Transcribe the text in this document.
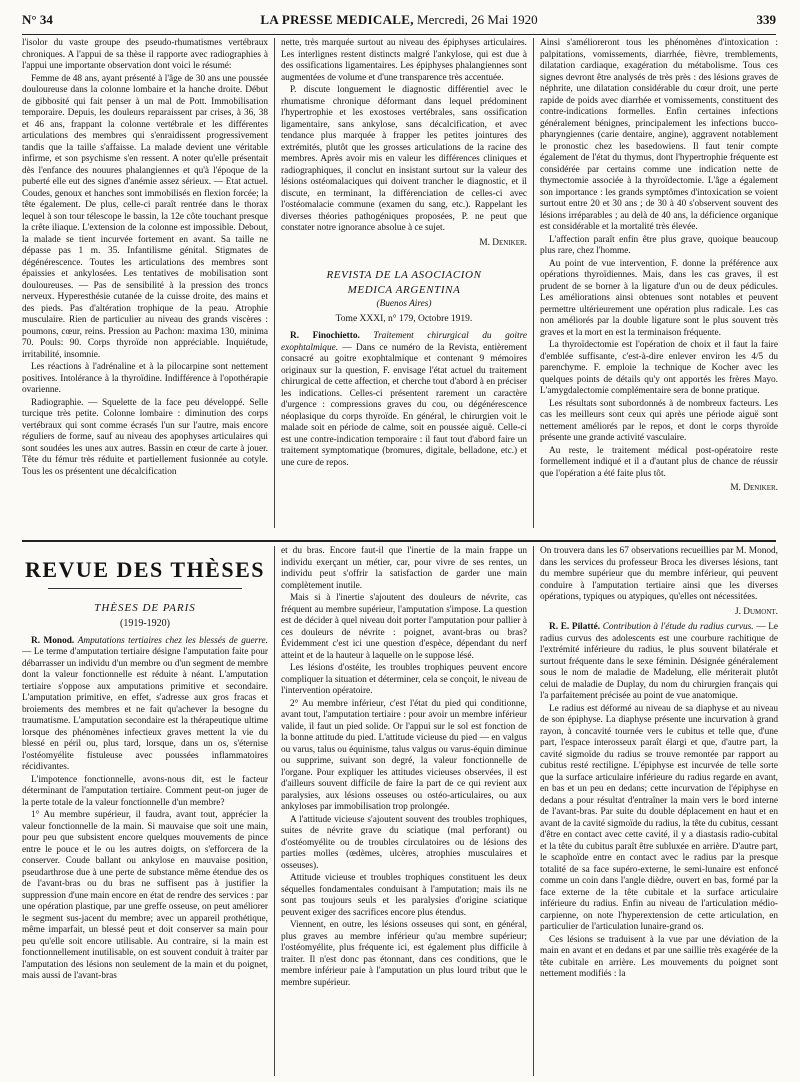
N° 34	LA PRESSE MEDICALE, Mercredi, 26 Mai 1920	339

l'isolor du vaste groupe des pseudo-rhumatismes vertébraux chroniques. A l'appui de sa thèse il rapporte avec radiographies à l'appui une importante observation dont voici le résumé:

Femme de 48 ans, ayant présenté à l'âge de 30 ans une poussée douloureuse dans la colonne lombaire et la hanche droite. Début de gibbosité qui fait penser à un mal de Pott. Immobilisation temporaire. Depuis, les douleurs reparaissent par crises, à 36, 38 et 46 ans, frappant la colonne vertébrale et les différentes articulations des membres qui s'enraidissent progressivement tandis que la taille s'affaisse. La malade devient une véritable infirme, et son psychisme s'en ressent. A noter qu'elle présentait dès l'enfance des nouures phalangiennes et qu'à l'époque de la puberté elle eut des signes d'anémie assez sérieux. — Etat actuel. Coudes, genoux et hanches sont immobilisés en flexion forcée; la tête également. De plus, celle-ci paraît rentrée dans le thorax lequel à son tour télescope le bassin, la 12e côte touchant presque la crête iliaque. L'extension de la colonne est impossible. Debout, la malade se tient incurvée fortement en avant. Sa taille ne dépasse pas 1 m. 35. Infantilisme génital. Stigmates de dégénérescence. Toutes les articulations des membres sont épaissies et ankylosées. Les tentatives de mobilisation sont douloureuses. — Pas de sensibilité à la pression des troncs nerveux. Hyperesthésie cutanée de la cuisse droite, des mains et des pieds. Pas d'altération trophique de la peau. Atrophie musculaire. Rien de particulier au niveau des grands viscères : poumons, cœur, reins. Pression au Pachon: maxima 130, minima 70. Pouls: 90. Corps thyroïde non appréciable. Inquiétude, irritabilité, insomnie.

Les réactions à l'adrénaline et à la pilocarpine sont nettement positives. Intolérance à la thyroïdine. Indifférence à l'opothérapie ovarienne.

Radiographie. — Squelette de la face peu développé. Selle turcique très petite. Colonne lombaire : diminution des corps vertébraux qui sont comme écrasés l'un sur l'autre, mais encore réguliers de forme, sauf au niveau des apophyses articulaires qui sont soudées les unes aux autres. Bassin en cœur de carte à jouer. Tête du fémur très réduite et partiellement fusionnée au cotyle. Tous les os présentent une décalcification

nette, très marquée surtout au niveau des épiphyses articulaires. Les interlignes restent distincts malgré l'ankylose, qui est due à des ossifications ligamentaires. Les épiphyses phalangiennes sont augmentées de volume et d'une transparence très accentuée.

P. discute longuement le diagnostic différentiel avec le rhumatisme chronique déformant dans lequel prédominent l'hypertrophie et les exostoses vertébrales, sans ossification ligamentaire, sans ankylose, sans décalcification, et avec tendance plus marquée à frapper les petites jointures des extrémités, plutôt que les grosses articulations de la racine des membres. Après avoir mis en valeur les différences cliniques et radiographiques, il conclut en insistant surtout sur la valeur des lésions ostéomalaciques qui doivent trancher le diagnostic, et il discute, en terminant, la différenciation de celles-ci avec l'ostéomalacie commune (examen du sang, etc.). Rappelant les diverses théories pathogéniques proposées, P. ne peut que constater notre ignorance absolue à ce sujet.

M. Deniker.

REVISTA DE LA ASOCIACION
MEDICA ARGENTINA
(Buenos Aires)
Tome XXXI, n° 179, Octobre 1919.

R. Finochietto. Traitement chirurgical du goitre exophtalmique. — Dans ce numéro de la Revista, entièrement consacré au goitre exophtalmique et contenant 9 mémoires originaux sur la question, F. envisage l'état actuel du traitement chirurgical de cette affection, et cherche tout d'abord à en préciser les indications. Celles-ci présentent rarement un caractère d'urgence : compressions graves du cou, ou dégénérescence néoplasique du corps thyroïde. En général, le chirurgien voit le malade soit en période de calme, soit en poussée aiguë. Celle-ci est une contre-indication temporaire : il faut tout d'abord faire un traitement symptomatique (bromures, digitale, belladone, etc.) et une cure de repos.

Ainsi s'amélioreront tous les phénomènes d'intoxication : palpitations, vomissements, diarrhée, fièvre, tremblements, dilatation cardiaque, exagération du métabolisme. Tous ces signes devront être analysés de très près : des lésions graves de néphrite, une dilatation considérable du cœur droit, une perte rapide de poids avec diarrhée et vomissements, constituent des contre-indications formelles. Enfin certaines infections généralement bénignes, principalement les infections bucco-pharyngiennes (carie dentaire, angine), aggravent notablement le pronostic chez les basedowiens. Il faut tenir compte également de l'état du thymus, dont l'hypertrophie fréquente est considérée par certains comme une indication nette de thymectomie associée à la thyroïdectomie. L'âge a également son importance : les grands symptômes d'intoxication se voient surtout entre 20 et 30 ans ; de 30 à 40 s'observent souvent des lésions irréparables ; au delà de 40 ans, la déficience organique est considérable et la mortalité très élevée.

L'affection paraît enfin être plus grave, quoique beaucoup plus rare, chez l'homme.

Au point de vue intervention, F. donne la préférence aux opérations thyroïdiennes. Mais, dans les cas graves, il est prudent de se borner à la ligature d'un ou de deux pédicules. Les améliorations ainsi obtenues sont notables et peuvent permettre ultérieurement une opération plus radicale. Les cas non améliorés par la double ligature sont le plus souvent très graves et la mort en est la terminaison fréquente.

La thyroïdectomie est l'opération de choix et il faut la faire d'emblée suffisante, c'est-à-dire enlever environ les 4/5 du parenchyme. F. emploie la technique de Kocher avec les quelques points de détails qu'y ont apportés les frères Mayo. L'amygdalectomie complémentaire sera de bonne pratique.

Les résultats sont subordonnés à de nombreux facteurs. Les cas les meilleurs sont ceux qui après une période aiguë sont nettement améliorés par le repos, et dont le corps thyroïde présente une grande activité vasculaire.

Au reste, le traitement médical post-opératoire reste formellement indiqué et il a d'autant plus de chance de réussir que l'opération a été faite plus tôt.

M. Deniker.

REVUE DES THÈSES
THÈSES DE PARIS
(1919-1920)

R. Monod. Amputations tertiaires chez les blessés de guerre. — Le terme d'amputation tertiaire désigne l'amputation faite pour débarrasser un individu d'un membre ou d'un segment de membre dont la valeur fonctionnelle est réduite à néant. L'amputation tertiaire s'oppose aux amputations primitive et secondaire. L'amputation primitive, en effet, s'adresse aux gros fracas et broiements des membres et ne fait qu'achever la besogne du traumatisme. L'amputation secondaire est la thérapeutique ultime lorsque des phénomènes infectieux graves mettent la vie du blessé en péril ou, plus tard, lorsque, dans un os, s'éternise l'ostéomyélite fistuleuse avec poussées inflammatoires récidivantes.

L'impotence fonctionnelle, avons-nous dit, est le facteur déterminant de l'amputation tertiaire. Comment peut-on juger de la perte totale de la valeur fonctionnelle d'un membre?

1° Au membre supérieur, il faudra, avant tout, apprécier la valeur fonctionnelle de la main. Si mauvaise que soit une main, pour peu que subsistent encore quelques mouvements de pince entre le pouce et le ou les autres doigts, on s'efforcera de la conserver. Coude ballant ou ankylose en mauvaise position, pseudarthrose due à une perte de substance même étendue des os de l'avant-bras ou du bras ne suffisent pas à justifier la suppression d'une main encore en état de rendre des services : par une opération plastique, par une greffe osseuse, on peut améliorer le segment sus-jacent du membre; avec un appareil prothétique, même imparfait, un blessé peut et doit conserver sa main pour peu qu'elle soit encore utilisable. Au contraire, si la main est fonctionnellement inutilisable, on est souvent conduit à traiter par l'amputation des lésions non seulement de la main et du poignet, mais aussi de l'avant-bras

et du bras. Encore faut-il que l'inertie de la main frappe un individu exerçant un métier, car, pour vivre de ses rentes, un individu peut s'offrir la satisfaction de garder une main complètement inutile.

Mais si à l'inertie s'ajoutent des douleurs de névrite, cas fréquent au membre supérieur, l'amputation s'impose. La question est de décider à quel niveau doit porter l'amputation pour pallier à ces douleurs de névrite : poignet, avant-bras ou bras? Évidemment c'est ici une question d'espèce, dépendant du nerf atteint et de la hauteur à laquelle on le suppose lésé.

Les lésions d'ostéite, les troubles trophiques peuvent encore compliquer la situation et déterminer, cela se conçoit, le niveau de l'intervention opératoire.

2° Au membre inférieur, c'est l'état du pied qui conditionne, avant tout, l'amputation tertiaire : pour avoir un membre inférieur valide, il faut un pied solide. Or l'appui sur le sol est fonction de la bonne attitude du pied. L'attitude vicieuse du pied — en valgus ou varus, talus ou équinisme, talus valgus ou varus-équin diminue ou supprime, suivant son degré, la valeur fonctionnelle de l'organe. Pour expliquer les attitudes vicieuses observées, il est d'ailleurs souvent difficile de faire la part de ce qui revient aux paralysies, aux lésions osseuses ou ostéo-articulaires, ou aux ankyloses par immobilisation trop prolongée.

A l'attitude vicieuse s'ajoutent souvent des troubles trophiques, suites de névrite grave du sciatique (mal perforant) ou d'ostéomyélite ou de troubles circulatoires ou de lésions des parties molles (œdèmes, ulcères, atrophies musculaires et osseuses).

Attitude vicieuse et troubles trophiques constituent les deux séquelles fondamentales conduisant à l'amputation; mais ils ne sont pas toujours seuls et les paralysies d'origine sciatique peuvent exiger des sacrifices encore plus étendus.

Viennent, en outre, les lésions osseuses qui sont, en général, plus graves au membre inférieur qu'au membre supérieur; l'ostéomyélite, plus fréquente ici, est également plus difficile à traiter. Il n'est donc pas étonnant, dans ces conditions, que le membre inférieur paie à l'amputation un plus lourd tribut que le membre supérieur.

On trouvera dans les 67 observations recueillies par M. Monod, dans les services du professeur Broca les diverses lésions, tant du membre supérieur que du membre inférieur, qui peuvent conduire à l'amputation tertiaire ainsi que les diverses opérations, typiques ou atypiques, qu'elles ont nécessitées.

J. Dumont.

R. E. Pilatté. Contribution à l'étude du radius curvus. — Le radius curvus des adolescents est une courbure rachitique de l'extrémité inférieure du radius, le plus souvent bilatérale et surtout fréquente dans le sexe féminin. Désignée généralement sous le nom de maladie de Madelung, elle mériterait plutôt celui de maladie de Duplay, du nom du chirurgien français qui l'a parfaitement précisée au point de vue anatomique.

Le radius est déformé au niveau de sa diaphyse et au niveau de son épiphyse. La diaphyse présente une incurvation à grand rayon, à concavité tournée vers le cubitus et telle que, d'une part, l'espace interosseux paraît élargi et que, d'autre part, la cavité sigmoïde du radius se trouve remontée par rapport au cubitus resté rectiligne. L'épiphyse est incurvée de telle sorte que la surface articulaire inférieure du radius regarde en avant, en bas et un peu en dedans; cette incurvation de l'épiphyse en dedans a pour résultat d'entraîner la main vers le bord interne de l'avant-bras. Par suite du double déplacement en haut et en avant de la cavité sigmoïde du radius, la tête du cubitus, cessant d'être en contact avec cette cavité, il y a diastasis radio-cubital et la tête du cubitus paraît être subluxée en arrière. D'autre part, le scaphoïde entre en contact avec le radius par la presque totalité de sa face supéro-externe, le semi-lunaire est enfoncé comme un coin dans l'angle dièdre, ouvert en bas, formé par la face externe de la tête cubitale et la surface articulaire inférieure du radius. Enfin au niveau de l'articulation médio-carpienne, on note l'hyperextension de cette articulation, en particulier de l'articulation lunaire-grand os.

Ces lésions se traduisent à la vue par une déviation de la main en avant et en dedans et par une saillie très exagérée de la tête cubitale en arrière. Les mouvements du poignet sont nettement modifiés : la
